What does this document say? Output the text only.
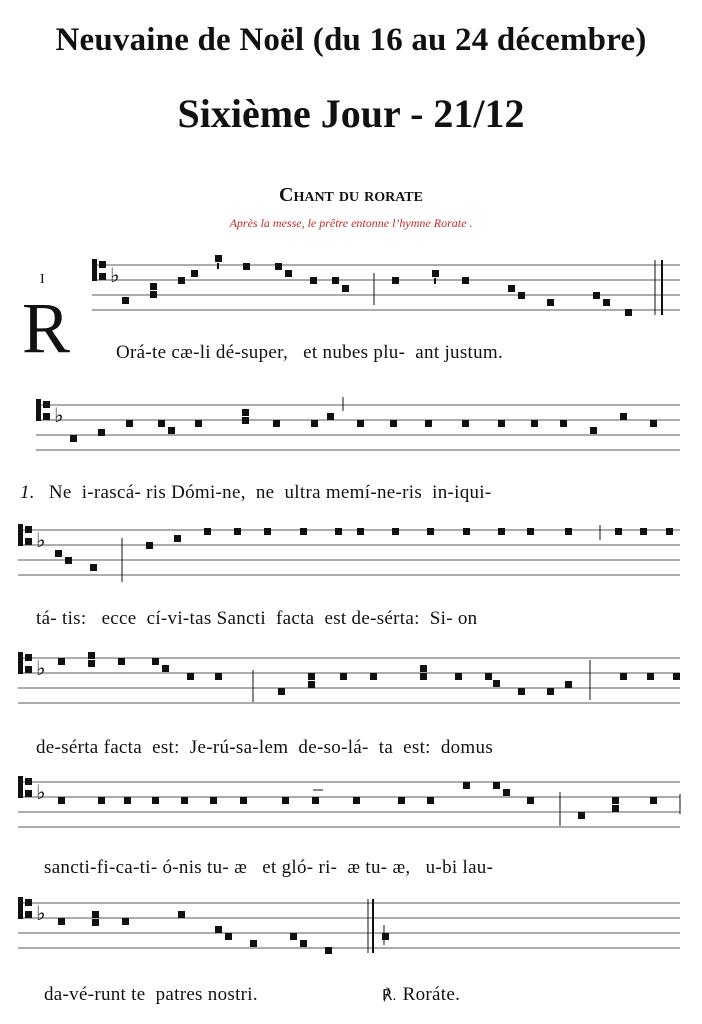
Neuvaine de Noël (du 16 au 24 décembre)
Sixième Jour - 21/12
Chant du rorate
Après la messe, le prêtre entonne l’hymne Rorate .
I
R
♭
Orá-te cæ-li dé-super,   et nubes plu-  ant justum.
♭
1. Ne  i-rascá- ris Dómi-ne,  ne  ultra memí-ne-ris  in-iqui-
♭
tá- tis:   ecce  cí-vi-tas Sancti  facta  est de-sérta:  Si- on
♭
de-sérta facta  est:  Je-rú-sa-lem  de-so-lá-  ta  est:  domus
♭
sancti-fi-ca-ti- ó-nis tu- æ   et gló- ri-  æ tu- æ,   u-bi lau-
♭
da-vé-runt te  patres nostri.	℟. Roráte.
